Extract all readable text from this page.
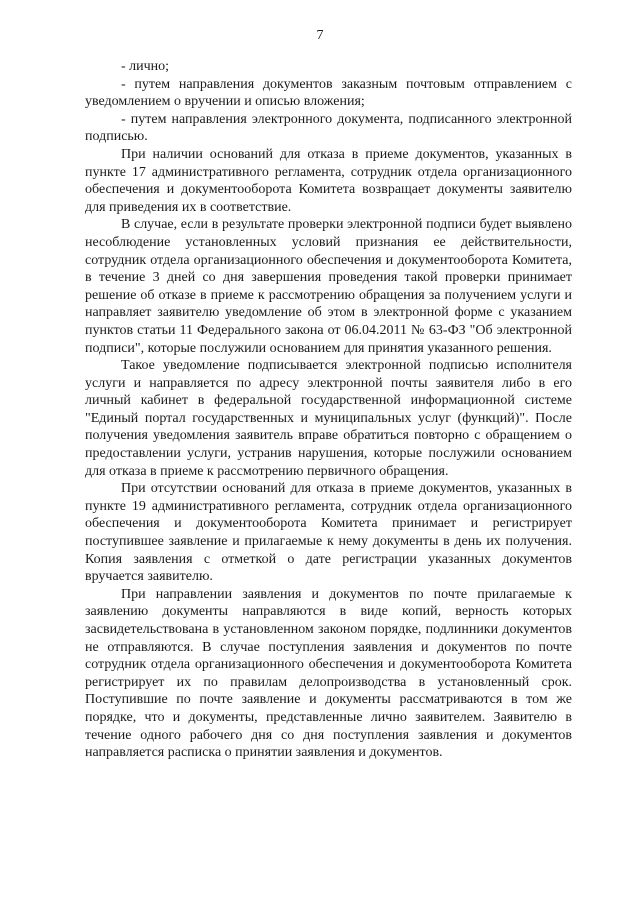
7

- лично;

- путем направления документов заказным почтовым отправлением с уведомлением о вручении и описью вложения;

- путем направления электронного документа, подписанного электронной подписью.

При наличии оснований для отказа в приеме документов, указанных в пункте 17 административного регламента, сотрудник отдела организационного обеспечения и документооборота Комитета возвращает документы заявителю для приведения их в соответствие.

В случае, если в результате проверки электронной подписи будет выявлено несоблюдение установленных условий признания ее действительности, сотрудник отдела организационного обеспечения и документооборота Комитета, в течение 3 дней со дня завершения проведения такой проверки принимает решение об отказе в приеме к рассмотрению обращения за получением услуги и направляет заявителю уведомление об этом в электронной форме с указанием пунктов статьи 11 Федерального закона от 06.04.2011 № 63-ФЗ "Об электронной подписи", которые послужили основанием для принятия указанного решения.

Такое уведомление подписывается электронной подписью исполнителя услуги и направляется по адресу электронной почты заявителя либо в его личный кабинет в федеральной государственной информационной системе "Единый портал государственных и муниципальных услуг (функций)". После получения уведомления заявитель вправе обратиться повторно с обращением о предоставлении услуги, устранив нарушения, которые послужили основанием для отказа в приеме к рассмотрению первичного обращения.

При отсутствии оснований для отказа в приеме документов, указанных в пункте 19 административного регламента, сотрудник отдела организационного обеспечения и документооборота Комитета принимает и регистрирует поступившее заявление и прилагаемые к нему документы в день их получения. Копия заявления с отметкой о дате регистрации указанных документов вручается заявителю.

При направлении заявления и документов по почте прилагаемые к заявлению документы направляются в виде копий, верность которых засвидетельствована в установленном законом порядке, подлинники документов не отправляются. В случае поступления заявления и документов по почте сотрудник отдела организационного обеспечения и документооборота Комитета регистрирует их по правилам делопроизводства в установленный срок. Поступившие по почте заявление и документы рассматриваются в том же порядке, что и документы, представленные лично заявителем. Заявителю в течение одного рабочего дня со дня поступления заявления и документов направляется расписка о принятии заявления и документов.
